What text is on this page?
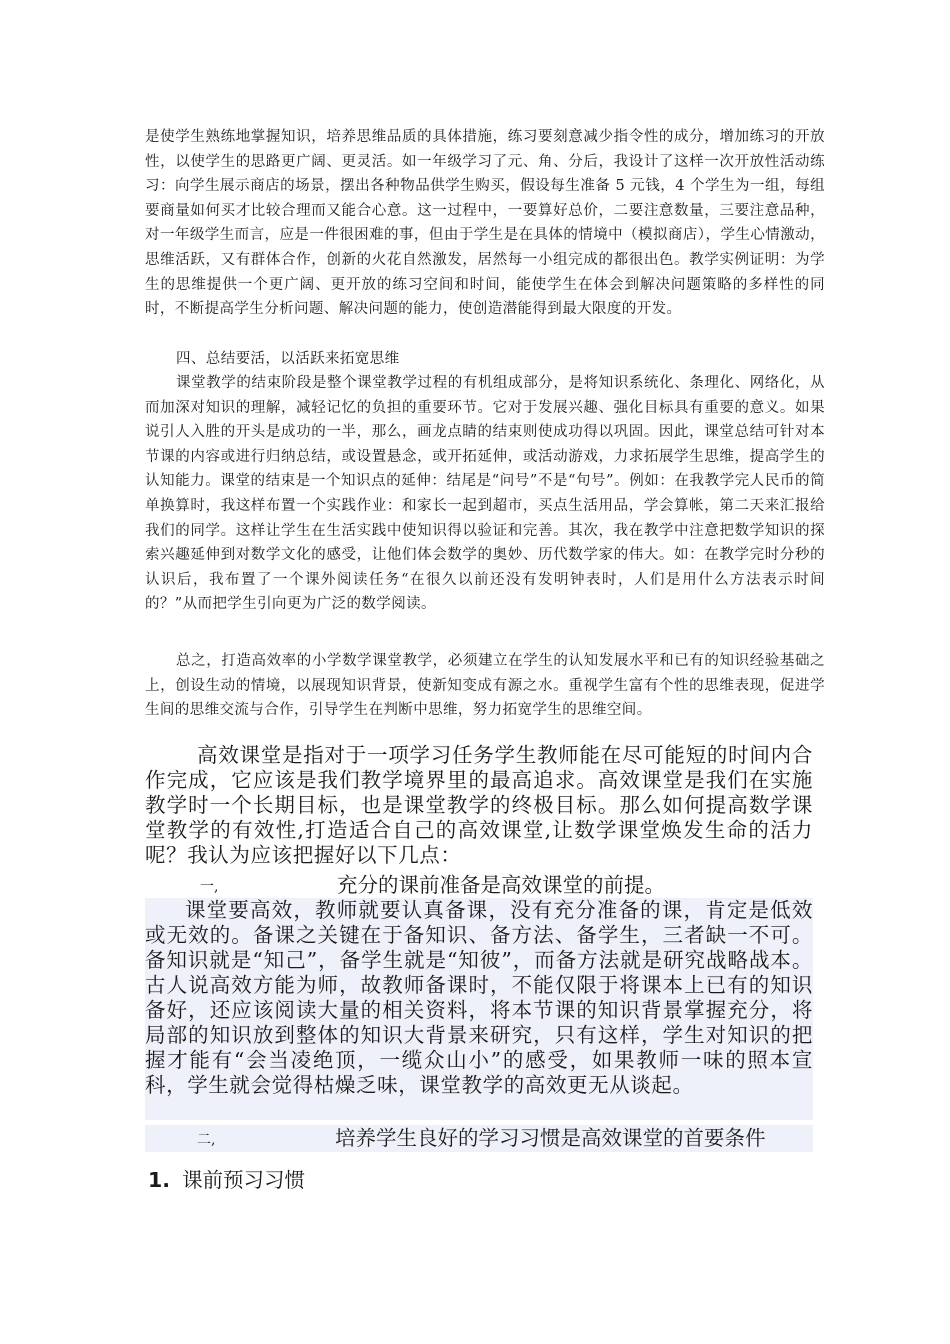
是使学生熟练地掌握知识，培养思维品质的具体措施，练习要刻意减少指令性的成分，增加练习的开放性，以使学生的思路更广阔、更灵活。如一年级学习了元、角、分后，我设计了这样一次开放性活动练习：向学生展示商店的场景，摆出各种物品供学生购买，假设每生准备 5 元钱，4 个学生为一组，每组要商量如何买才比较合理而又能合心意。这一过程中，一要算好总价，二要注意数量，三要注意品种，对一年级学生而言，应是一件很困难的事，但由于学生是在具体的情境中（模拟商店），学生心情激动，思维活跃，又有群体合作，创新的火花自然激发，居然每一小组完成的都很出色。教学实例证明：为学生的思维提供一个更广阔、更开放的练习空间和时间，能使学生在体会到解决问题策略的多样性的同时，不断提高学生分析问题、解决问题的能力，使创造潜能得到最大限度的开发。
四、总结要活，以活跃来拓宽思维
课堂教学的结束阶段是整个课堂教学过程的有机组成部分，是将知识系统化、条理化、网络化，从而加深对知识的理解，减轻记忆的负担的重要环节。它对于发展兴趣、强化目标具有重要的意义。如果说引人入胜的开头是成功的一半，那么，画龙点睛的结束则使成功得以巩固。因此，课堂总结可针对本节课的内容或进行归纳总结，或设置悬念，或开拓延伸，或活动游戏，力求拓展学生思维，提高学生的认知能力。课堂的结束是一个知识点的延伸：结尾是“问号”不是“句号”。例如：在我教学完人民币的简单换算时，我这样布置一个实践作业：和家长一起到超市，买点生活用品，学会算帐，第二天来汇报给我们的同学。这样让学生在生活实践中使知识得以验证和完善。其次，我在教学中注意把数学知识的探索兴趣延伸到对数学文化的感受，让他们体会数学的奥妙、历代数学家的伟大。如：在教学完时分秒的认识后，我布置了一个课外阅读任务“在很久以前还没有发明钟表时，人们是用什么方法表示时间的？”从而把学生引向更为广泛的数学阅读。
总之，打造高效率的小学数学课堂教学，必须建立在学生的认知发展水平和已有的知识经验基础之上，创设生动的情境，以展现知识背景，使新知变成有源之水。重视学生富有个性的思维表现，促进学生间的思维交流与合作，引导学生在判断中思维，努力拓宽学生的思维空间。
高效课堂是指对于一项学习任务学生教师能在尽可能短的时间内合作完成，它应该是我们教学境界里的最高追求。高效课堂是我们在实施教学时一个长期目标，也是课堂教学的终极目标。那么如何提高数学课堂教学的有效性,打造适合自己的高效课堂,让数学课堂焕发生命的活力　呢？我认为应该把握好以下几点：
一,	充分的课前准备是高效课堂的前提。
课堂要高效，教师就要认真备课，没有充分准备的课，肯定是低效或无效的。备课之关键在于备知识、备方法、备学生，三者缺一不可。备知识就是“知己”，备学生就是“知彼”，而备方法就是研究战略战本。古人说高效方能为师，故教师备课时，不能仅限于将课本上已有的知识备好，还应该阅读大量的相关资料，将本节课的知识背景掌握充分，将局部的知识放到整体的知识大背景来研究，只有这样，学生对知识的把握才能有“会当凌绝顶，一缆众山小”的感受，如果教师一味的照本宣科，学生就会觉得枯燥乏味，课堂教学的高效更无从谈起。
二,	培养学生良好的学习习惯是高效课堂的首要条件
1. 课前预习习惯
